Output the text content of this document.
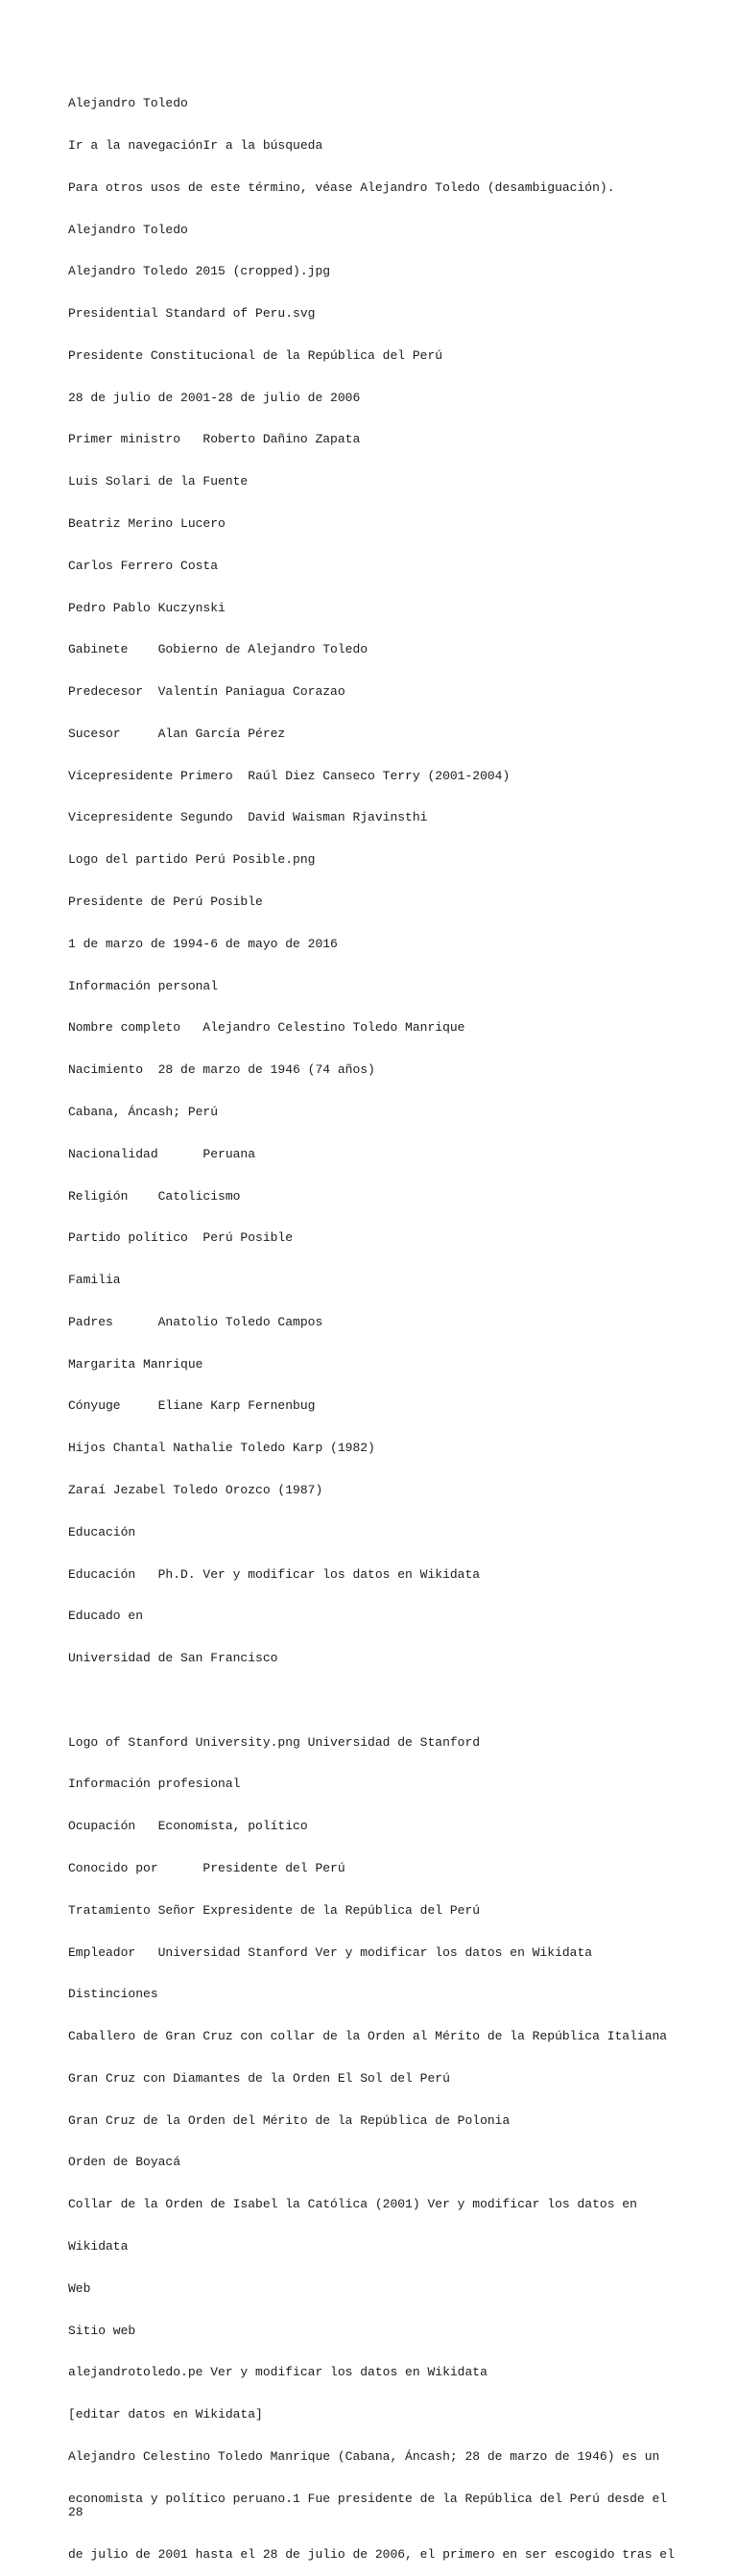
Alejandro Toledo

Ir a la navegaciónIr a la búsqueda

Para otros usos de este término, véase Alejandro Toledo (desambiguación).

Alejandro Toledo

Alejandro Toledo 2015 (cropped).jpg

Presidential Standard of Peru.svg

Presidente Constitucional de la República del Perú

28 de julio de 2001-28 de julio de 2006

Primer ministro   Roberto Dañino Zapata

Luis Solari de la Fuente

Beatriz Merino Lucero

Carlos Ferrero Costa

Pedro Pablo Kuczynski

Gabinete    Gobierno de Alejandro Toledo

Predecesor  Valentín Paniagua Corazao

Sucesor     Alan García Pérez

Vicepresidente Primero  Raúl Diez Canseco Terry (2001-2004)

Vicepresidente Segundo  David Waisman Rjavinsthi

Logo del partido Perú Posible.png

Presidente de Perú Posible

1 de marzo de 1994-6 de mayo de 2016

Información personal

Nombre completo   Alejandro Celestino Toledo Manrique

Nacimiento  28 de marzo de 1946 (74 años)

Cabana, Áncash; Perú

Nacionalidad      Peruana

Religión    Catolicismo

Partido político  Perú Posible

Familia

Padres      Anatolio Toledo Campos

Margarita Manrique

Cónyuge     Eliane Karp Fernenbug

Hijos Chantal Nathalie Toledo Karp (1982)

Zaraí Jezabel Toledo Orozco (1987)

Educación

Educación   Ph.D. Ver y modificar los datos en Wikidata

Educado en

Universidad de San Francisco

Logo of Stanford University.png Universidad de Stanford

Información profesional

Ocupación   Economista, político

Conocido por      Presidente del Perú

Tratamiento Señor Expresidente de la República del Perú

Empleador   Universidad Stanford Ver y modificar los datos en Wikidata

Distinciones

Caballero de Gran Cruz con collar de la Orden al Mérito de la República Italiana

Gran Cruz con Diamantes de la Orden El Sol del Perú

Gran Cruz de la Orden del Mérito de la República de Polonia

Orden de Boyacá

Collar de la Orden de Isabel la Católica (2001) Ver y modificar los datos en

Wikidata

Web

Sitio web

alejandrotoledo.pe Ver y modificar los datos en Wikidata

[editar datos en Wikidata]

Alejandro Celestino Toledo Manrique (Cabana, Áncash; 28 de marzo de 1946) es un

economista y político peruano.1 Fue presidente de la República del Perú desde el 28

de julio de 2001 hasta el 28 de julio de 2006, el primero en ser escogido tras el
